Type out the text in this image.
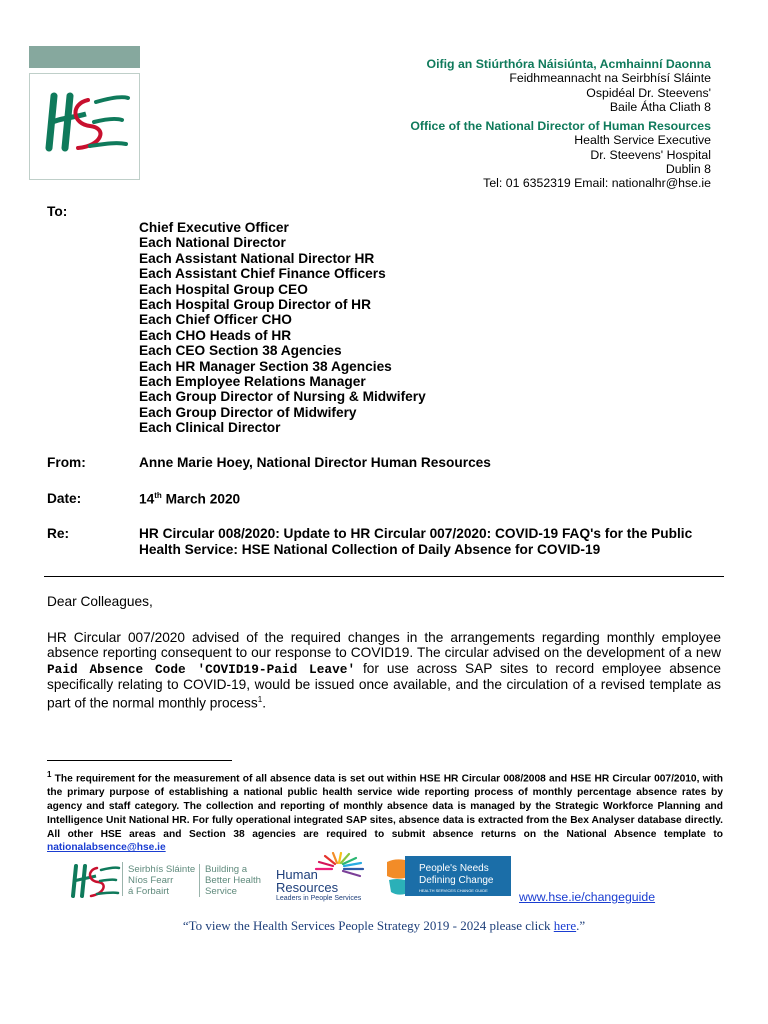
Oifig an Stiúrthóra Náisiúnta, Acmhainní Daonna
Feidhmeannacht na Seirbhísí Sláinte
Ospidéal Dr. Steevens'
Baile Átha Cliath 8
Office of the National Director of Human Resources
Health Service Executive
Dr. Steevens' Hospital
Dublin 8
Tel: 01 6352319 Email: nationalhr@hse.ie
To:
Chief Executive Officer
Each National Director
Each Assistant National Director HR
Each Assistant Chief Finance Officers
Each Hospital Group CEO
Each Hospital Group Director of HR
Each Chief Officer CHO
Each CHO Heads of HR
Each CEO Section 38 Agencies
Each HR Manager Section 38 Agencies
Each Employee Relations Manager
Each Group Director of Nursing & Midwifery
Each Group Director of Midwifery
Each Clinical Director
From:	Anne Marie Hoey, National Director Human Resources
Date:	14th March 2020
Re:	HR Circular 008/2020: Update to HR Circular 007/2020: COVID-19 FAQ's for the Public Health Service: HSE National Collection of Daily Absence for COVID-19
Dear Colleagues,
HR Circular 007/2020 advised of the required changes in the arrangements regarding monthly employee absence reporting consequent to our response to COVID19. The circular advised on the development of a new Paid Absence Code 'COVID19-Paid Leave' for use across SAP sites to record employee absence specifically relating to COVID-19, would be issued once available, and the circulation of a revised template as part of the normal monthly process$^1$.
$^1$ The requirement for the measurement of all absence data is set out within HSE HR Circular 008/2008 and HSE HR Circular 007/2010, with the primary purpose of establishing a national public health service wide reporting process of monthly percentage absence rates by agency and staff category. The collection and reporting of monthly absence data is managed by the Strategic Workforce Planning and Intelligence Unit National HR. For fully operational integrated SAP sites, absence data is extracted from the Bex Analyser database directly. All other HSE areas and Section 38 agencies are required to submit absence returns on the National Absence template to nationalabsence@hse.ie
Seirbhís Sláinte
Níos Fearr
á Forbairt
Building a
Better Health
Service
Human
Resources
Leaders in People Services
People's Needs
Defining Change
HEALTH SERVICES CHANGE GUIDE	www.hse.ie/changeguide
“To view the Health Services People Strategy 2019 - 2024 please click here.”
